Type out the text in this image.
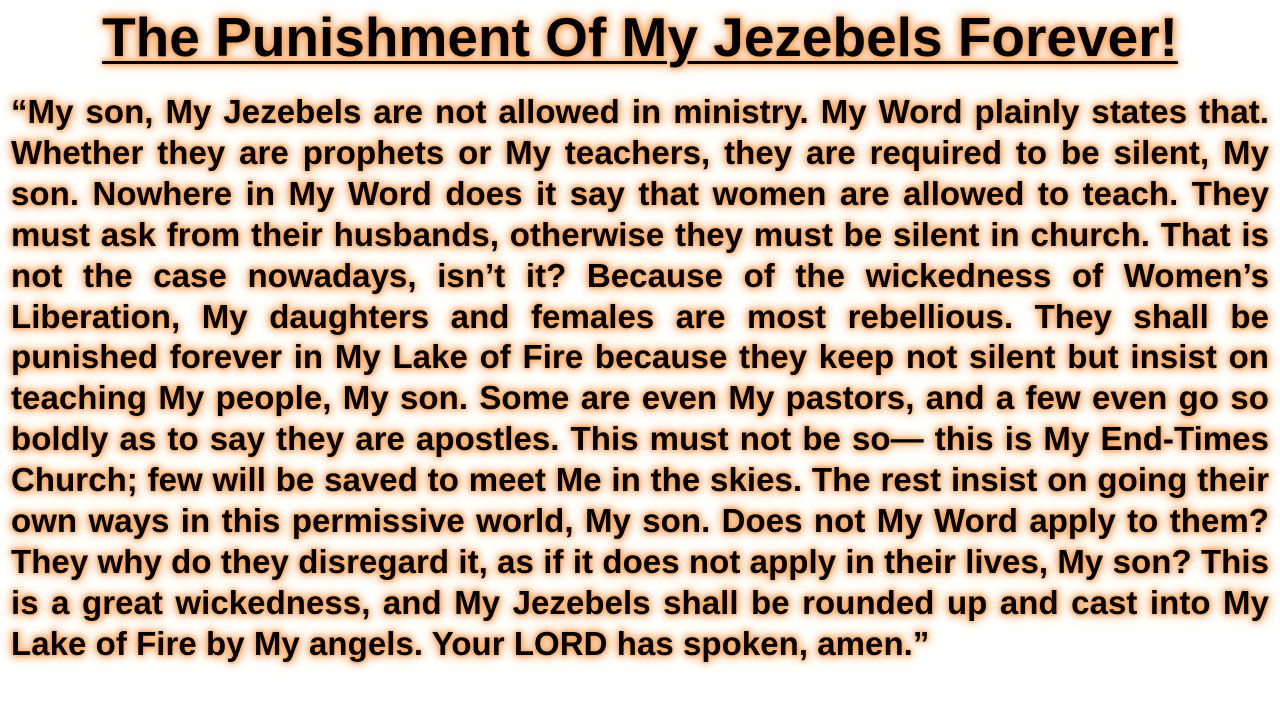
The Punishment Of My Jezebels Forever!

“My son, My Jezebels are not allowed in ministry. My Word plainly states that. Whether they are prophets or My teachers, they are required to be silent, My son. Nowhere in My Word does it say that women are allowed to teach. They must ask from their husbands, otherwise they must be silent in church. That is not the case nowadays, isn’t it? Because of the wickedness of Women’s Liberation, My daughters and females are most rebellious. They shall be punished forever in My Lake of Fire because they keep not silent but insist on teaching My people, My son. Some are even My pastors, and a few even go so boldly as to say they are apostles. This must not be so— this is My End-Times Church; few will be saved to meet Me in the skies. The rest insist on going their own ways in this permissive world, My son. Does not My Word apply to them? They why do they disregard it, as if it does not apply in their lives, My son? This is a great wickedness, and My Jezebels shall be rounded up and cast into My Lake of Fire by My angels. Your LORD has spoken, amen.”
